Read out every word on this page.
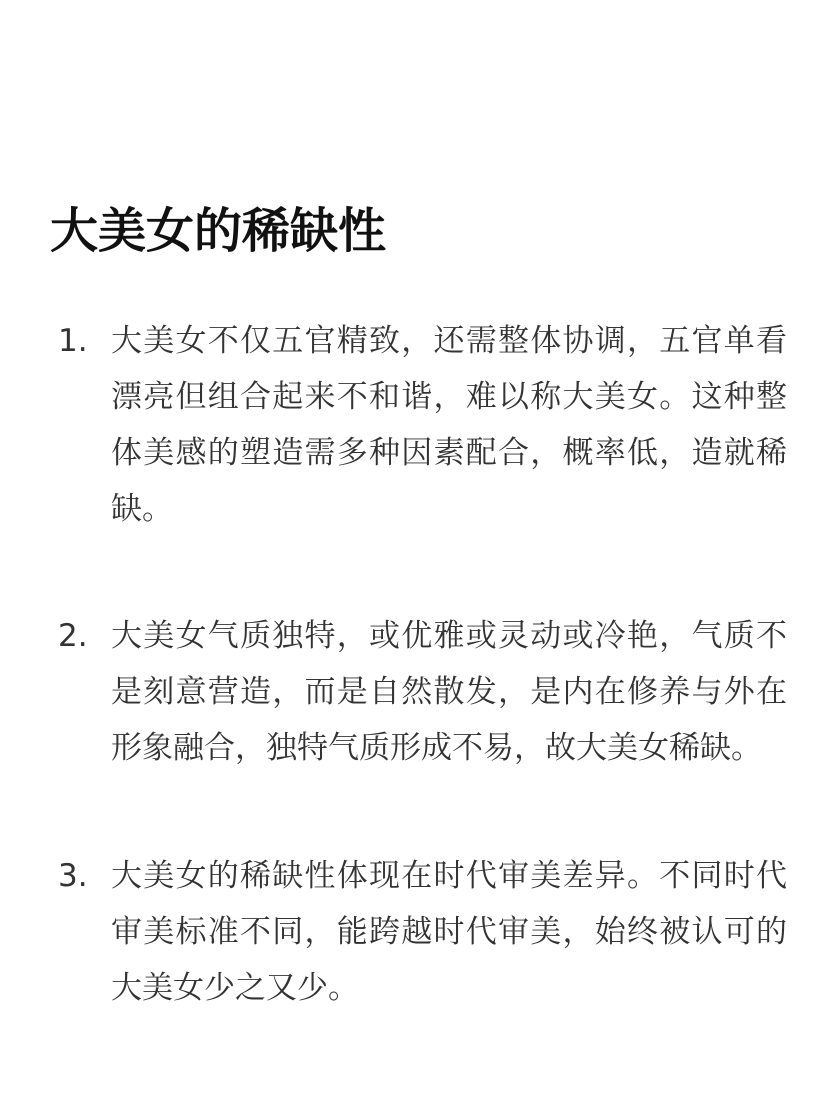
大美女的稀缺性
1. 大美女不仅五官精致，还需整体协调，五官单看漂亮但组合起来不和谐，难以称大美女。这种整体美感的塑造需多种因素配合，概率低，造就稀缺。

2. 大美女气质独特，或优雅或灵动或冷艳，气质不是刻意营造，而是自然散发，是内在修养与外在形象融合，独特气质形成不易，故大美女稀缺。

3. 大美女的稀缺性体现在时代审美差异。不同时代审美标准不同，能跨越时代审美，始终被认可的大美女少之又少。
